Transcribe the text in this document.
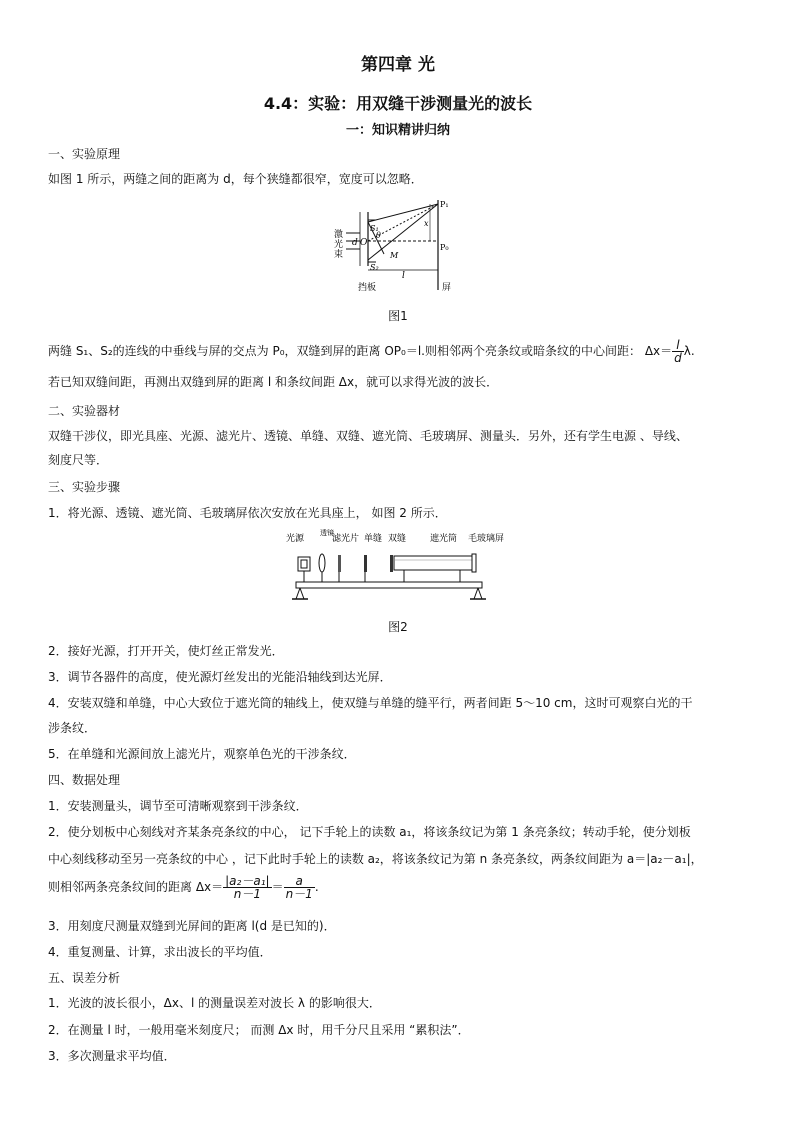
第四章 光
4.4：实验：用双缝干涉测量光的波长
一：知识精讲归纳
一、实验原理
如图 1 所示，两缝之间的距离为 d，每个狭缝都很窄，宽度可以忽略．
P₁
P₀
S₁
S₂
d O
θ
x
M
l
激
光
束
挡板	屏
图1
两缝 S₁、S₂的连线的中垂线与屏的交点为 P₀，双缝到屏的距离 OP₀＝l.则相邻两个亮条纹或暗条纹的中心间距： $\Delta x= \frac{l}{d} \lambda$.
若已知双缝间距，再测出双缝到屏的距离 l 和条纹间距 Δx，就可以求得光波的波长．
二、实验器材
双缝干涉仪，即光具座、光源、滤光片、透镜、单缝、双缝、遮光筒、毛玻璃屏、测量头．另外，还有学生电源 、导线、
刻度尺等．
三、实验步骤
1．将光源、透镜、遮光筒、毛玻璃屏依次安放在光具座上， 如图 2 所示．
光源
透镜
滤光片 单缝 双缝	遮光筒 毛玻璃屏
图2
2．接好光源，打开开关，使灯丝正常发光．
3．调节各器件的高度，使光源灯丝发出的光能沿轴线到达光屏．
4．安装双缝和单缝，中心大致位于遮光筒的轴线上，使双缝与单缝的缝平行，两者间距 5～10 cm，这时可观察白光的干
涉条纹．
5．在单缝和光源间放上滤光片，观察单色光的干涉条纹．
四、数据处理
1．安装测量头，调节至可清晰观察到干涉条纹．
2．使分划板中心刻线对齐某条亮条纹的中心， 记下手轮上的读数 a₁，将该条纹记为第 1 条亮条纹；转动手轮，使分划板
中心刻线移动至另一亮条纹的中心 ，记下此时手轮上的读数 a₂，将该条纹记为第 n 条亮条纹，两条纹间距为 a＝|a₂－a₁|，
则相邻两条亮条纹间的距离 $\Delta x= \frac{\text{|a₂－a₁|}}{n-1} = \frac{a}{n-1}$ .
3．用刻度尺测量双缝到光屏间的距离 l(d 是已知的)．
4．重复测量、计算，求出波长的平均值．
五、误差分析
1．光波的波长很小，Δx、l 的测量误差对波长 λ 的影响很大．
2．在测量 l 时，一般用毫米刻度尺； 而测 Δx 时，用千分尺且采用 “累积法”．
3．多次测量求平均值．
